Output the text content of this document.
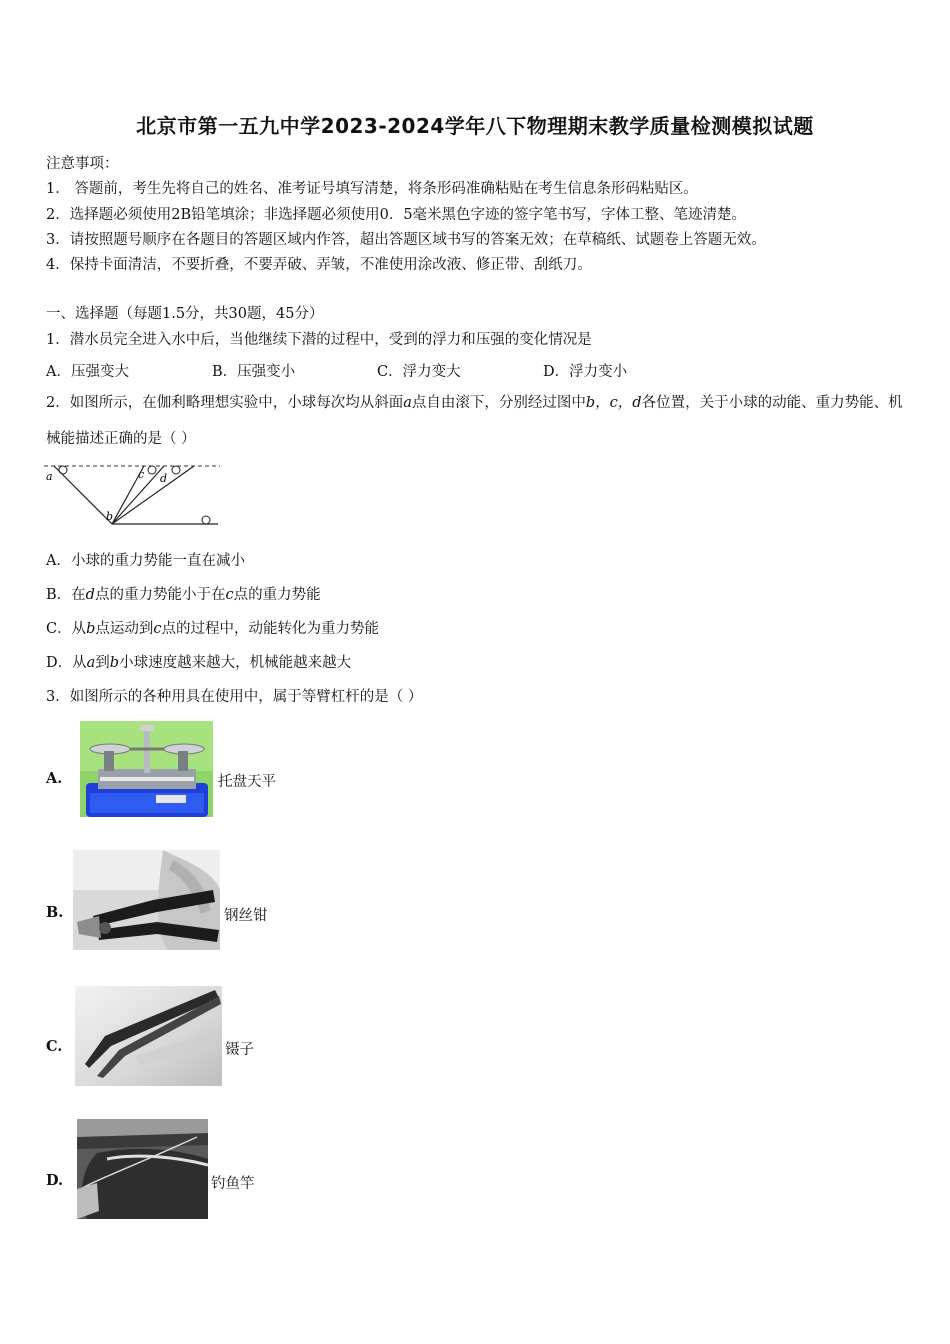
北京市第一五九中学2023-2024学年八下物理期末教学质量检测模拟试题
注意事项：
1． 答题前，考生先将自己的姓名、准考证号填写清楚，将条形码准确粘贴在考生信息条形码粘贴区。
2．选择题必须使用2B铅笔填涂；非选择题必须使用0．5毫米黑色字迹的签字笔书写，字体工整、笔迹清楚。
3．请按照题号顺序在各题目的答题区域内作答，超出答题区域书写的答案无效；在草稿纸、试题卷上答题无效。
4．保持卡面清洁，不要折叠，不要弄破、弄皱，不准使用涂改液、修正带、刮纸刀。
一、选择题（每题1.5分，共30题，45分）
1．潜水员完全进入水中后，当他继续下潜的过程中，受到的浮力和压强的变化情况是
A．压强变大	B．压强变小	C．浮力变大	D．浮力变小
2．如图所示，在伽利略理想实验中，小球每次均从斜面a点自由滚下，分别经过图中b，c，d各位置，关于小球的动能、重力势能、机械能描述正确的是（ ）
a
b
c d
A．小球的重力势能一直在减小
B．在d点的重力势能小于在c点的重力势能
C．从b点运动到c点的过程中，动能转化为重力势能
D．从a到b小球速度越来越大，机械能越来越大
3．如图所示的各种用具在使用中，属于等臂杠杆的是（ ）
A.	托盘天平
B.	钢丝钳
C.	镊子
D.	钓鱼竿
